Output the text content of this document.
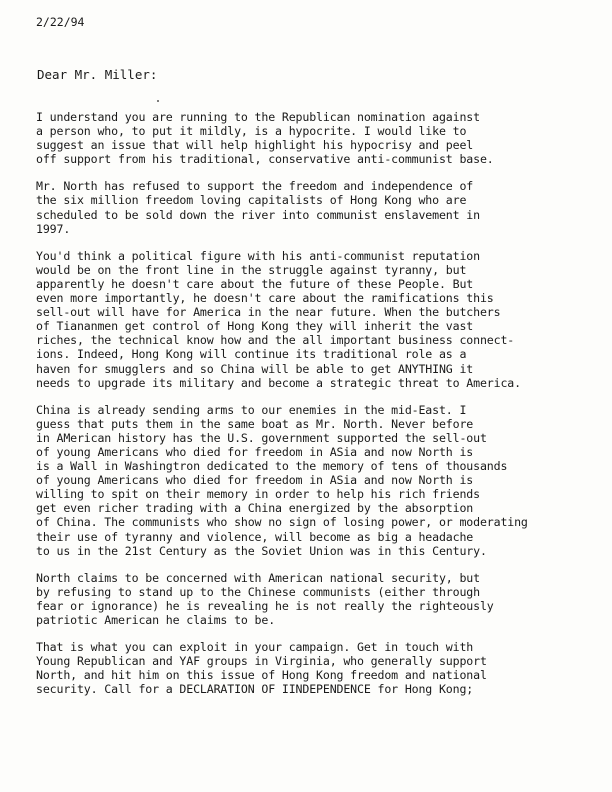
2/22/94
Dear Mr. Miller:
I understand you are running to the Republican nomination against
a person who, to put it mildly, is a hypocrite. I would like to
suggest an issue that will help highlight his hypocrisy and peel
off support from his traditional, conservative anti-communist base.
Mr. North has refused to support the freedom and independence of
the six million freedom loving capitalists of Hong Kong who are
scheduled to be sold down the river into communist enslavement in
1997.
You'd think a political figure with his anti-communist reputation
would be on the front line in the struggle against tyranny, but
apparently he doesn't care about the future of these People. But
even more importantly, he doesn't care about the ramifications this
sell-out will have for America in the near future. When the butchers
of Tiananmen get control of Hong Kong they will inherit the vast
riches, the technical know how and the all important business connect-
ions. Indeed, Hong Kong will continue its traditional role as a
haven for smugglers and so China will be able to get ANYTHING it
needs to upgrade its military and become a strategic threat to America.
China is already sending arms to our enemies in the mid-East. I
guess that puts them in the same boat as Mr. North. Never before
in AMerican history has the U.S. government supported the sell-out
of young Americans who died for freedom in ASia and now North is
is a Wall in Washingtron dedicated to the memory of tens of thousands
of young Americans who died for freedom in ASia and now North is
willing to spit on their memory in order to help his rich friends
get even richer trading with a China energized by the absorption
of China. The communists who show no sign of losing power, or moderating
their use of tyranny and violence, will become as big a headache
to us in the 21st Century as the Soviet Union was in this Century.
North claims to be concerned with American national security, but
by refusing to stand up to the Chinese communists (either through
fear or ignorance) he is revealing he is not really the righteously
patriotic American he claims to be.
That is what you can exploit in your campaign. Get in touch with
Young Republican and YAF groups in Virginia, who generally support
North, and hit him on this issue of Hong Kong freedom and national
security. Call for a DECLARATION OF IINDEPENDENCE for Hong Kong;
